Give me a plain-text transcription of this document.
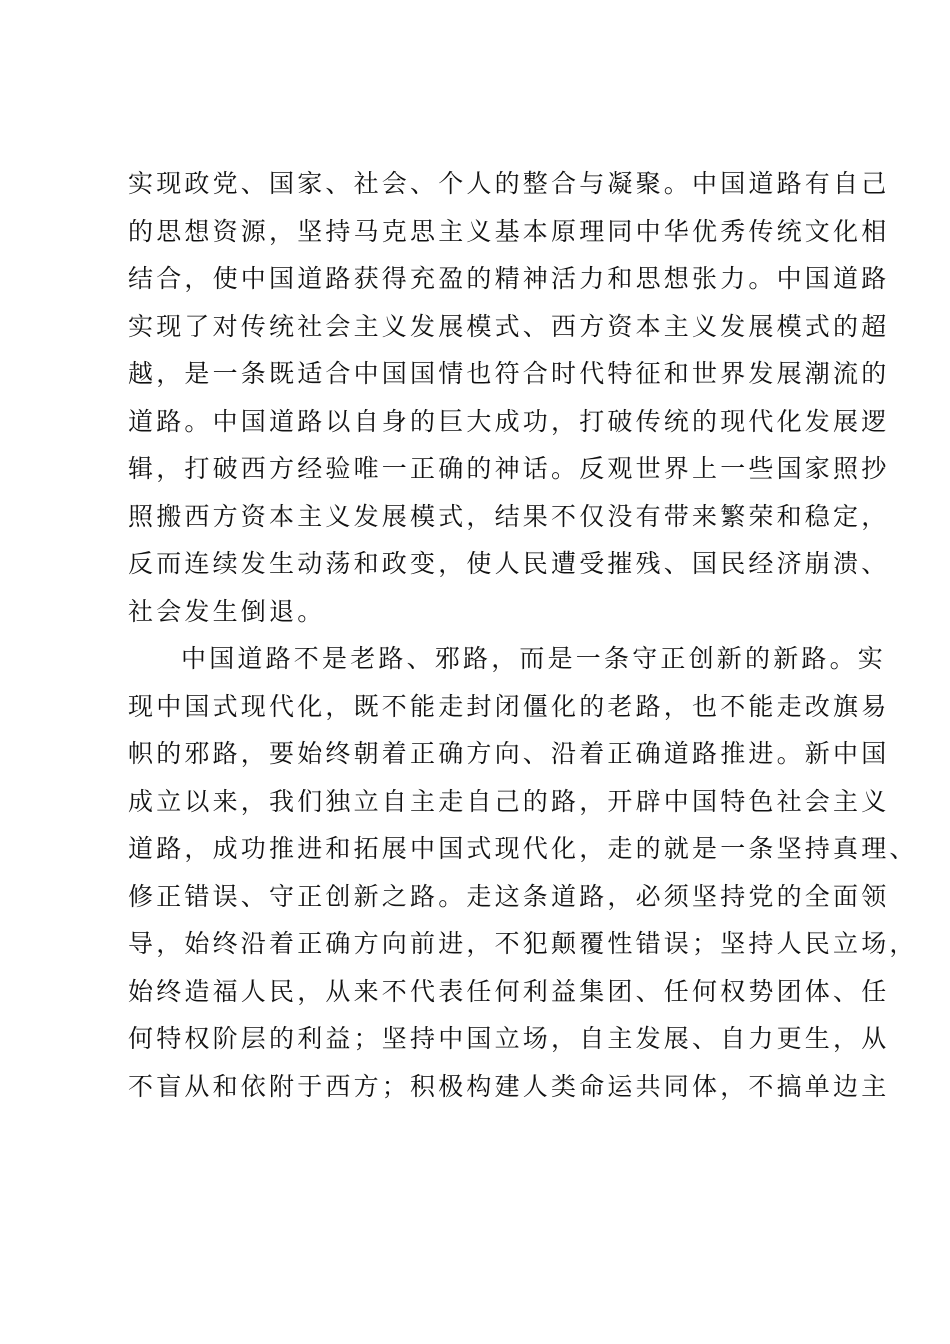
实现政党、国家、社会、个人的整合与凝聚。中国道路有自己
的思想资源，坚持马克思主义基本原理同中华优秀传统文化相
结合，使中国道路获得充盈的精神活力和思想张力。中国道路
实现了对传统社会主义发展模式、西方资本主义发展模式的超
越，是一条既适合中国国情也符合时代特征和世界发展潮流的
道路。中国道路以自身的巨大成功，打破传统的现代化发展逻
辑，打破西方经验唯一正确的神话。反观世界上一些国家照抄
照搬西方资本主义发展模式，结果不仅没有带来繁荣和稳定，
反而连续发生动荡和政变，使人民遭受摧残、国民经济崩溃、
社会发生倒退。
中国道路不是老路、邪路，而是一条守正创新的新路。实
现中国式现代化，既不能走封闭僵化的老路，也不能走改旗易
帜的邪路，要始终朝着正确方向、沿着正确道路推进。新中国
成立以来，我们独立自主走自己的路，开辟中国特色社会主义
道路，成功推进和拓展中国式现代化，走的就是一条坚持真理、
修正错误、守正创新之路。走这条道路，必须坚持党的全面领
导，始终沿着正确方向前进，不犯颠覆性错误；坚持人民立场，
始终造福人民，从来不代表任何利益集团、任何权势团体、任
何特权阶层的利益；坚持中国立场，自主发展、自力更生，从
不盲从和依附于西方；积极构建人类命运共同体，不搞单边主
